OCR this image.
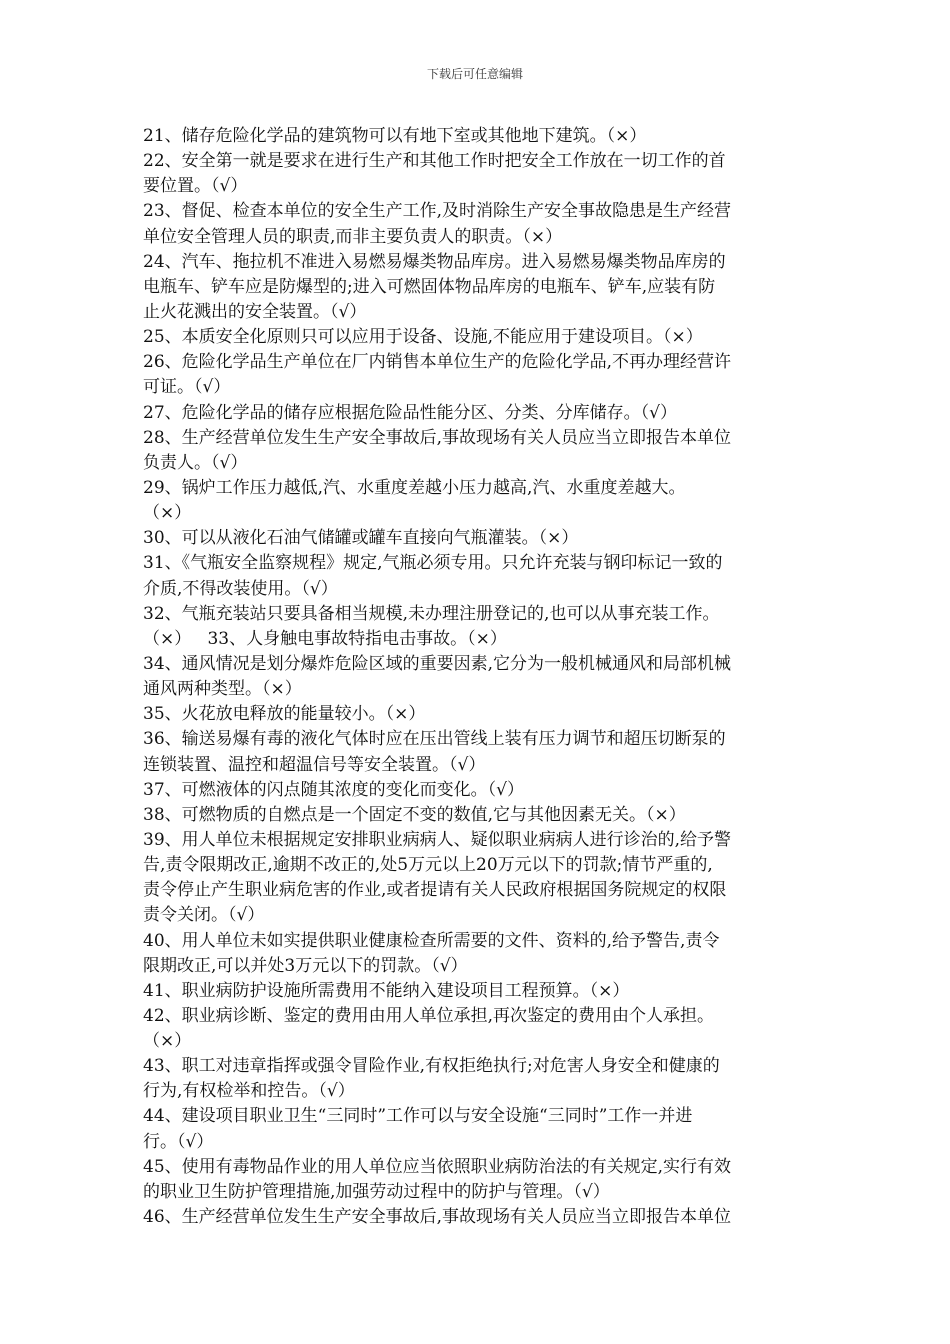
下载后可任意编辑
21、储存危险化学品的建筑物可以有地下室或其他地下建筑。（×）
22、安全第一就是要求在进行生产和其他工作时把安全工作放在一切工作的首
要位置。（√）
23、督促、检查本单位的安全生产工作,及时消除生产安全事故隐患是生产经营
单位安全管理人员的职责,而非主要负责人的职责。（×）
24、汽车、拖拉机不准进入易燃易爆类物品库房。进入易燃易爆类物品库房的
电瓶车、铲车应是防爆型的;进入可燃固体物品库房的电瓶车、铲车,应装有防
止火花溅出的安全装置。（√）
25、本质安全化原则只可以应用于设备、设施,不能应用于建设项目。（×）
26、危险化学品生产单位在厂内销售本单位生产的危险化学品,不再办理经营许
可证。（√）
27、危险化学品的储存应根据危险品性能分区、分类、分库储存。（√）
28、生产经营单位发生生产安全事故后,事故现场有关人员应当立即报告本单位
负责人。（√）
29、锅炉工作压力越低,汽、水重度差越小压力越高,汽、水重度差越大。
（×）
30、可以从液化石油气储罐或罐车直接向气瓶灌装。（×）
31、《气瓶安全监察规程》规定,气瓶必须专用。只允许充装与钢印标记一致的
介质,不得改装使用。（√）
32、气瓶充装站只要具备相当规模,未办理注册登记的,也可以从事充装工作。
（×）   33、人身触电事故特指电击事故。（×）
34、通风情况是划分爆炸危险区域的重要因素,它分为一般机械通风和局部机械
通风两种类型。（×）
35、火花放电释放的能量较小。（×）
36、输送易爆有毒的液化气体时应在压出管线上装有压力调节和超压切断泵的
连锁装置、温控和超温信号等安全装置。（√）
37、可燃液体的闪点随其浓度的变化而变化。（√）
38、可燃物质的自燃点是一个固定不变的数值,它与其他因素无关。（×）
39、用人单位未根据规定安排职业病病人、疑似职业病病人进行诊治的,给予警
告,责令限期改正,逾期不改正的,处5万元以上20万元以下的罚款;情节严重的,
责令停止产生职业病危害的作业,或者提请有关人民政府根据国务院规定的权限
责令关闭。（√）
40、用人单位未如实提供职业健康检查所需要的文件、资料的,给予警告,责令
限期改正,可以并处3万元以下的罚款。（√）
41、职业病防护设施所需费用不能纳入建设项目工程预算。（×）
42、职业病诊断、鉴定的费用由用人单位承担,再次鉴定的费用由个人承担。
（×）
43、职工对违章指挥或强令冒险作业,有权拒绝执行;对危害人身安全和健康的
行为,有权检举和控告。（√）
44、建设项目职业卫生“三同时”工作可以与安全设施“三同时”工作一并进
行。（√）
45、使用有毒物品作业的用人单位应当依照职业病防治法的有关规定,实行有效
的职业卫生防护管理措施,加强劳动过程中的防护与管理。（√）
46、生产经营单位发生生产安全事故后,事故现场有关人员应当立即报告本单位
